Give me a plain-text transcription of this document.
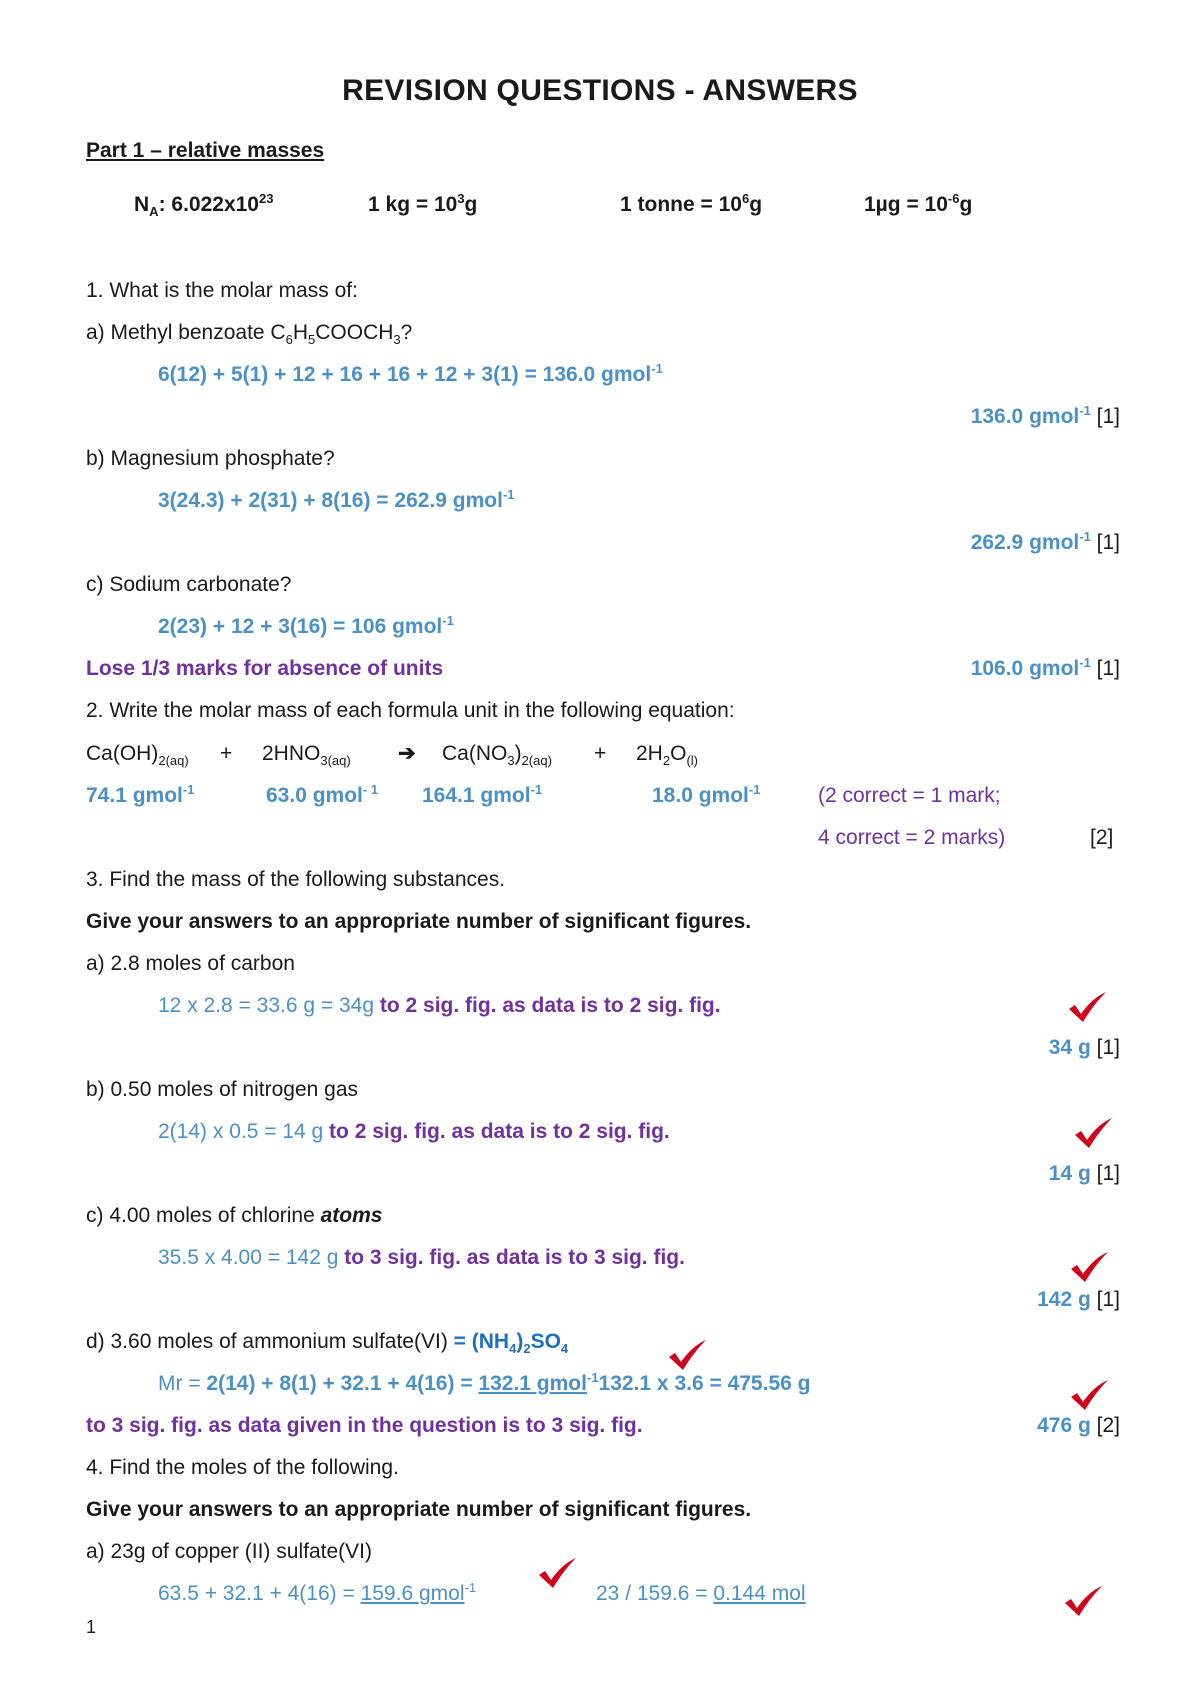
REVISION QUESTIONS - ANSWERS
Part 1 – relative masses
$N_A$: $6.022x10^{23}$	1 kg = $10^3g$	1 tonne = $10^6g$	$1\mu g = 10^{-6}g$
1. What is the molar mass of:
a) Methyl benzoate $C_6H_5COOCH_3$?
6(12) + 5(1) + 12 + 16 + 16 + 12 + 3(1) = 136.0 gmol$^{-1}$
136.0 gmol$^{-1}$ [1]
b) Magnesium phosphate?
3(24.3) + 2(31) + 8(16) = 262.9 gmol$^{-1}$
262.9 gmol$^{-1}$ [1]
c) Sodium carbonate?
2(23) + 12 + 3(16) = 106 gmol$^{-1}$
Lose 1/3 marks for absence of units	106.0 gmol$^{-1}$ [1]
2. Write the molar mass of each formula unit in the following equation:
$Ca(OH)_{2(aq)} + 2HNO_{3(aq)}$ ➔ $Ca(NO_3)_{2(aq)} + 2H_2O_{(l)}$
74.1 gmol$^{-1}$	63.0 gmol$^{- 1}$ 164.1 gmol$^{-1}$	18.0 gmol$^{-1}$	(2 correct = 1 mark;
4 correct = 2 marks)	[2]
3. Find the mass of the following substances.
Give your answers to an appropriate number of significant figures.
a) 2.8 moles of carbon
12 x 2.8 = 33.6 g = 34g to 2 sig. fig. as data is to 2 sig. fig.
34 g [1]
b) 0.50 moles of nitrogen gas
2(14) x 0.5 = 14 g to 2 sig. fig. as data is to 2 sig. fig.
14 g [1]
c) 4.00 moles of chlorine atoms
35.5 x 4.00 = 142 g to 3 sig. fig. as data is to 3 sig. fig.
142 g [1]
d) 3.60 moles of ammonium sulfate(VI) = $(NH_4)_2SO_4$
Mr = 2(14) + 8(1) + 32.1 + 4(16) = 132.1 gmol$^{-1}$132.1 x 3.6 = 475.56 g
to 3 sig. fig. as data given in the question is to 3 sig. fig.	476 g [2]
4. Find the moles of the following.
Give your answers to an appropriate number of significant figures.
a) 23g of copper (II) sulfate(VI)
63.5 + 32.1 + 4(16) = 159.6 gmol$^{-1}$	23 / 159.6 = 0.144 mol
1
